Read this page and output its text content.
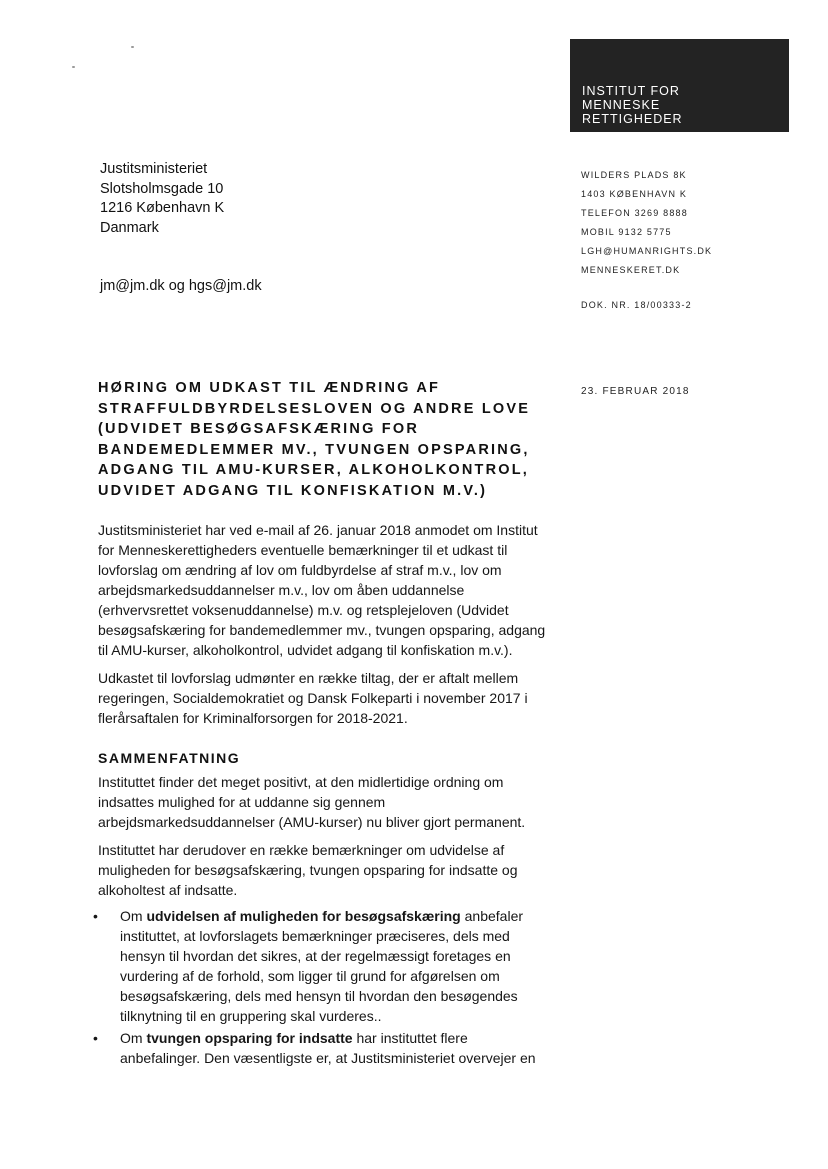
INSTITUT FOR
MENNESKE
RETTIGHEDER
Justitsministeriet
Slotsholmsgade 10
1216 København K
Danmark
jm@jm.dk og hgs@jm.dk
WILDERS PLADS 8K
1403 KØBENHAVN K
TELEFON 3269 8888
MOBIL 9132 5775
LGH@HUMANRIGHTS.DK
MENNESKERET.DK
DOK. NR. 18/00333-2
23. FEBRUAR 2018
HØRING OM UDKAST TIL ÆNDRING AF
STRAFFULDBYRDELSESLOVEN OG ANDRE LOVE
(UDVIDET BESØGSAFSKÆRING FOR
BANDEMEDLEMMER MV., TVUNGEN OPSPARING,
ADGANG TIL AMU-KURSER, ALKOHOLKONTROL,
UDVIDET ADGANG TIL KONFISKATION M.V.)
Justitsministeriet har ved e-mail af 26. januar 2018 anmodet om Institut
for Menneskerettigheders eventuelle bemærkninger til et udkast til
lovforslag om ændring af lov om fuldbyrdelse af straf m.v., lov om
arbejdsmarkedsuddannelser m.v., lov om åben uddannelse
(erhvervsrettet voksenuddannelse) m.v. og retsplejeloven (Udvidet
besøgsafskæring for bandemedlemmer mv., tvungen opsparing, adgang
til AMU-kurser, alkoholkontrol, udvidet adgang til konfiskation m.v.).
Udkastet til lovforslag udmønter en række tiltag, der er aftalt mellem
regeringen, Socialdemokratiet og Dansk Folkeparti i november 2017 i
flerårsaftalen for Kriminalforsorgen for 2018-2021.
SAMMENFATNING
Instituttet finder det meget positivt, at den midlertidige ordning om
indsattes mulighed for at uddanne sig gennem
arbejdsmarkedsuddannelser (AMU-kurser) nu bliver gjort permanent.
Instituttet har derudover en række bemærkninger om udvidelse af
muligheden for besøgsafskæring, tvungen opsparing for indsatte og
alkoholtest af indsatte.
• Om udvidelsen af muligheden for besøgsafskæring anbefaler
instituttet, at lovforslagets bemærkninger præciseres, dels med
hensyn til hvordan det sikres, at der regelmæssigt foretages en
vurdering af de forhold, som ligger til grund for afgørelsen om
besøgsafskæring, dels med hensyn til hvordan den besøgendes
tilknytning til en gruppering skal vurderes..
• Om tvungen opsparing for indsatte har instituttet flere
anbefalinger. Den væsentligste er, at Justitsministeriet overvejer en
